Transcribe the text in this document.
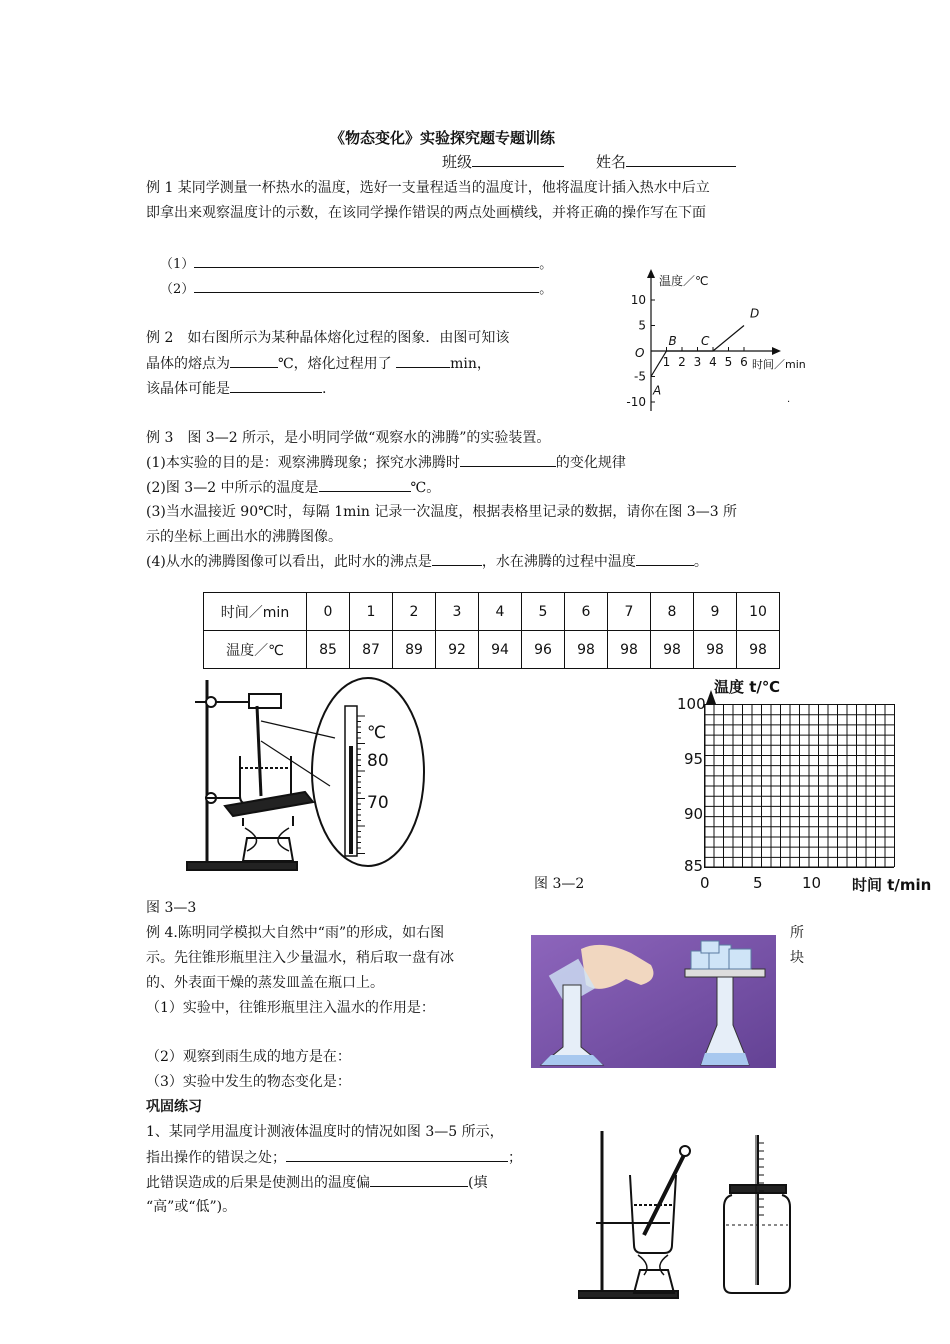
《物态变化》实验探究题专题训练
班级	姓名
例 1 某同学测量一杯热水的温度，选好一支量程适当的温度计，他将温度计插入热水中后立
即拿出来观察温度计的示数，在该同学操作错误的两点处画横线，并将正确的操作写在下面
（1）	。
（2）	。
例 2　如右图所示为某种晶体熔化过程的图象．由图可知该
晶体的熔点为	℃，熔化过程用了	min，
该晶体可能是	.
温度／℃
时间／min
O
10
5
-5
-10
1 2 3 4 5 6
A
B C
D
·
例 3　图 3—2 所示，是小明同学做“观察水的沸腾”的实验装置。
(1)本实验的目的是：观察沸腾现象；探究水沸腾时	的变化规律
(2)图 3—2 中所示的温度是	℃。
(3)当水温接近 90℃时，每隔 1min 记录一次温度，根据表格里记录的数据，请你在图 3—3 所
示的坐标上画出水的沸腾图像。
(4)从水的沸腾图像可以看出，此时水的沸点是	，水在沸腾的过程中温度	。
时间／min	0	1	2	3	4	5	6	7	8	9	10
温度／℃	85	87	89	92	94	96	98	98	98	98	98
℃
80
70
温度 t/℃
100
95
90
85
0	5	10 时间 t/min
图 3—2
图 3—3
例 4.陈明同学模拟大自然中“雨”的形成，如右图	所
示。先往锥形瓶里注入少量温水，稍后取一盘有冰	块
的、外表面干燥的蒸发皿盖在瓶口上。
（1）实验中，往锥形瓶里注入温水的作用是：
（2）观察到雨生成的地方是在：
（3）实验中发生的物态变化是：
巩固练习
1、某同学用温度计测液体温度时的情况如图 3—5 所示，
指出操作的错误之处；	；
此错误造成的后果是使测出的温度偏	(填
“高”或“低”)。
